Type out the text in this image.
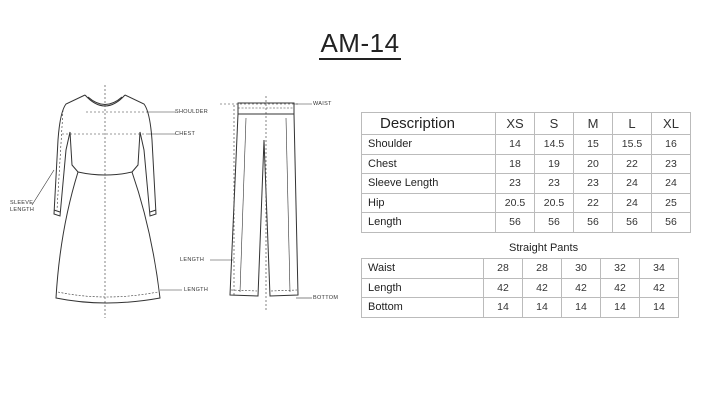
AM-14
SHOULDER
CHEST
SLEEVE
LENGTH
LENGTH
WAIST
LENGTH
BOTTOM
Description	XS	S	M	L	XL
Shoulder	14	14.5	15	15.5	16
Chest	18	19	20	22	23
Sleeve Length	23	23	23	24	24
Hip	20.5	20.5	22	24	25
Length	56	56	56	56	56
Straight Pants
Waist	28	28	30	32	34
Length	42	42	42	42	42
Bottom	14	14	14	14	14
